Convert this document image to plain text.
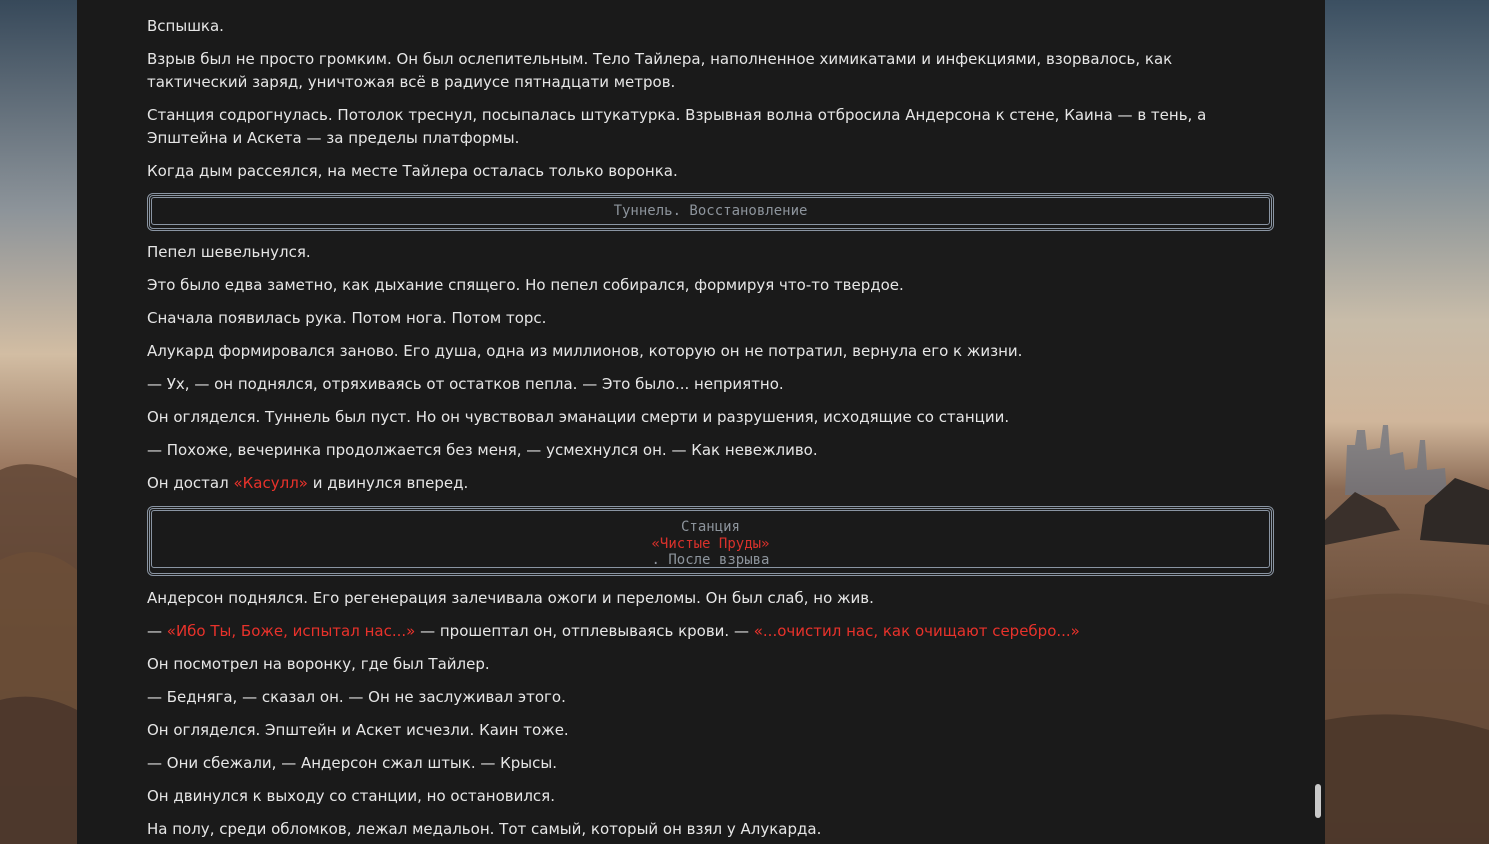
Вспышка.

Взрыв был не просто громким. Он был ослепительным. Тело Тайлера, наполненное химикатами и инфекциями, взорвалось, как тактический заряд, уничтожая всё в радиусе пятнадцати метров.

Станция содрогнулась. Потолок треснул, посыпалась штукатурка. Взрывная волна отбросила Андерсона к стене, Каина — в тень, а Эпштейна и Аскета — за пределы платформы.

Когда дым рассеялся, на месте Тайлера осталась только воронка.

Туннель. Восстановление

Пепел шевельнулся.

Это было едва заметно, как дыхание спящего. Но пепел собирался, формируя что-то твердое.

Сначала появилась рука. Потом нога. Потом торс.

Алукард формировался заново. Его душа, одна из миллионов, которую он не потратил, вернула его к жизни.

— Ух, — он поднялся, отряхиваясь от остатков пепла. — Это было... неприятно.

Он огляделся. Туннель был пуст. Но он чувствовал эманации смерти и разрушения, исходящие со станции.

— Похоже, вечеринка продолжается без меня, — усмехнулся он. — Как невежливо.

Он достал «Касулл» и двинулся вперед.

Станция
«Чистые Пруды»
. После взрыва

Андерсон поднялся. Его регенерация залечивала ожоги и переломы. Он был слаб, но жив.

— «Ибо Ты, Боже, испытал нас...» — прошептал он, отплевываясь крови. — «...очистил нас, как очищают серебро...»

Он посмотрел на воронку, где был Тайлер.

— Бедняга, — сказал он. — Он не заслуживал этого.

Он огляделся. Эпштейн и Аскет исчезли. Каин тоже.

— Они сбежали, — Андерсон сжал штык. — Крысы.

Он двинулся к выходу со станции, но остановился.

На полу, среди обломков, лежал медальон. Тот самый, который он взял у Алукарда.
